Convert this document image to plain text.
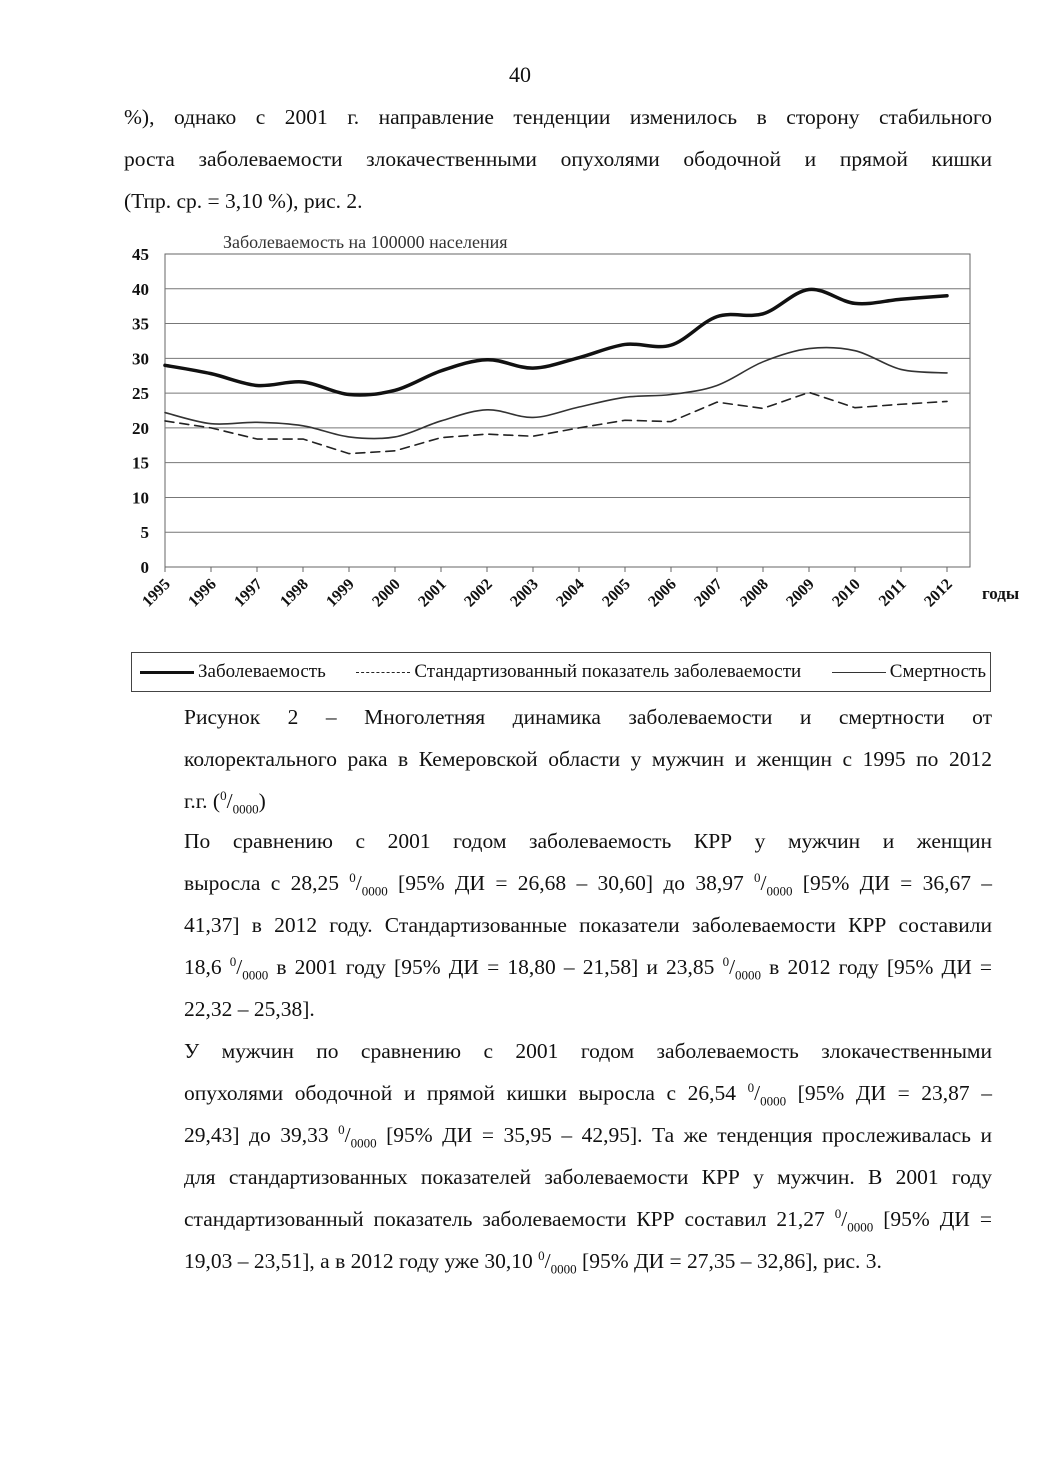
40

%), однако с 2001 г. направление тенденции изменилось в сторону стабильного
роста заболеваемости злокачественными опухолями ободочной и прямой кишки
(Тпр. ср. = 3,10 %), рис. 2.

0
5
10
15
20
25
30
35
40
45
1995 1996 1997 1998 1999 2000 2001 2002 2003 2004 2005 2006 2007 2008 2009 2010 2011 2012 годы
Заболеваемость на 100000 населения
Заболеваемость	Стандартизованный показатель заболеваемости	Смертность

Рисунок 2 – Многолетняя динамика заболеваемости и смертности от
колоректального рака в Кемеровской области у мужчин и женщин с 1995 по 2012
г.г. $(^0/_{0000})$

По сравнению с 2001 годом заболеваемость КРР у мужчин и женщин
выросла с 28,25 $^0/_{0000}$ [95% ДИ = 26,68 – 30,60] до 38,97 $^0/_{0000}$ [95% ДИ = 36,67 –
41,37] в 2012 году. Стандартизованные показатели заболеваемости КРР составили
18,6 $^0/_{0000}$ в 2001 году [95% ДИ = 18,80 – 21,58] и 23,85 $^0/_{0000}$ в 2012 году [95% ДИ =
22,32 – 25,38].

У мужчин по сравнению с 2001 годом заболеваемость злокачественными
опухолями ободочной и прямой кишки выросла с 26,54 $^0/_{0000}$ [95% ДИ = 23,87 –
29,43] до 39,33 $^0/_{0000}$ [95% ДИ = 35,95 – 42,95]. Та же тенденция прослеживалась и
для стандартизованных показателей заболеваемости КРР у мужчин. В 2001 году
стандартизованный показатель заболеваемости КРР составил 21,27 $^0/_{0000}$ [95% ДИ =
19,03 – 23,51], а в 2012 году уже 30,10 $^0/_{0000}$ [95% ДИ = 27,35 – 32,86], рис. 3.
